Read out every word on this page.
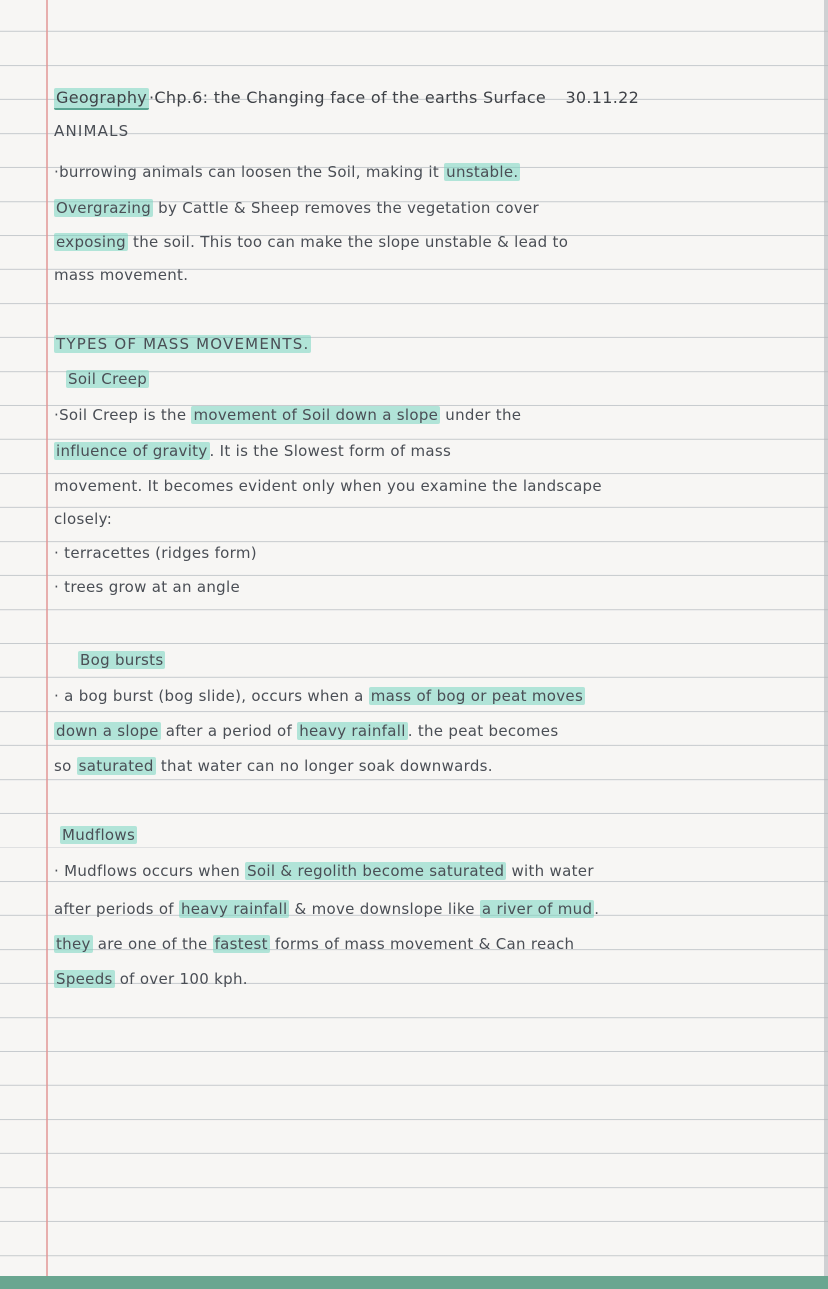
Geography ·Chp.6: the Changing face of the earths Surface 30.11.22
ANIMALS
·burrowing animals can loosen the Soil, making it unstable.
Overgrazing by Cattle & Sheep removes the vegetation cover
exposing the soil. This too can make the slope unstable & lead to
mass movement.
TYPES OF MASS MOVEMENTS.
Soil Creep
·Soil Creep is the movement of Soil down a slope under the
influence of gravity . It is the Slowest form of mass
movement. It becomes evident only when you examine the landscape
closely:
· terracettes (ridges form)
· trees grow at an angle
Bog bursts
· a bog burst (bog slide), occurs when a mass of bog or peat moves
down a slope after a period of heavy rainfall . the peat becomes
so saturated that water can no longer soak downwards.
Mudflows
· Mudflows occurs when Soil & regolith become saturated with water
after periods of heavy rainfall & move downslope like a river of mud .
they are one of the fastest forms of mass movement & Can reach
Speeds of over 100 kph.
